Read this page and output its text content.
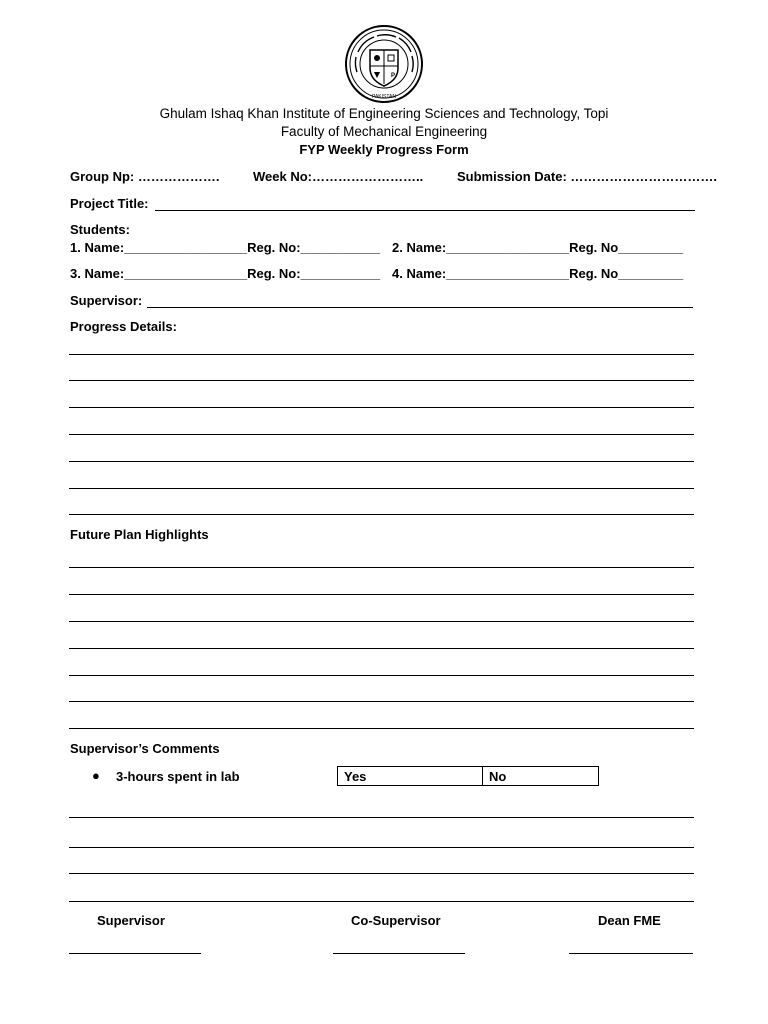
P
PAKISTAN
Ghulam Ishaq Khan Institute of Engineering Sciences and Technology, Topi
Faculty of Mechanical Engineering
FYP Weekly Progress Form
Group Np: ……………….	Week No:……………………..	Submission Date: …………………………….
Project Title:
Students:
1. Name:_________________Reg. No:___________ 2. Name:_________________Reg. No_________
3. Name:_________________Reg. No:___________ 4. Name:_________________Reg. No_________
Supervisor:
Progress Details:
Future Plan Highlights
Supervisor’s Comments
● 3-hours spent in lab	Yes	No
Supervisor	Co-Supervisor	Dean FME
